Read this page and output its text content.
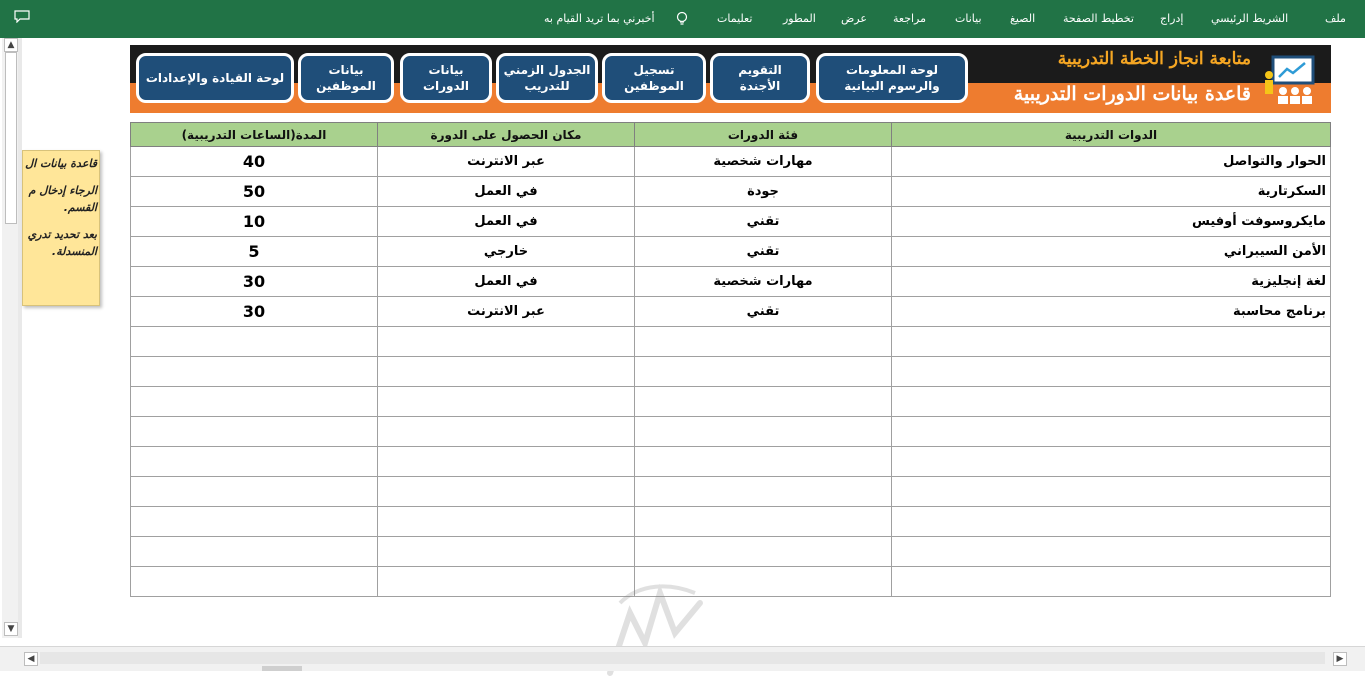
أخبرني بما تريد القيام به	تعليمات	المطور عرض مراجعة	بيانات	الصيغ	تخطيط الصفحة إدراج	الشريط الرئيسي	ملف
▲
▼
متابعة انجاز الخطة التدريبية
قاعدة بيانات الدورات التدريبية
لوحة المعلومات
والرسوم البيانية
التقويم
الأجندة
تسجيل الموظفين
الجدول الزمني
للتدريب
بيانات
الدورات
بيانات
الموظفين
لوحة القيادة والإعدادات
الدوات التدريبية	فئة الدورات	مكان الحصول على الدورة	المدة(الساعات التدريبية)
الحوار والتواصل	مهارات شخصية	عبر الانترنت	40
السكرتارية	جودة	في العمل	50
مايكروسوفت أوفيس	تقني	في العمل	10
الأمن السيبراني	تقني	خارجي	5
لغة إنجليزية	مهارات شخصية	في العمل	30
برنامج محاسبة	تقني	عبر الانترنت	30

قاعدة بيانات ال

الرجاء إدخال م

القسم.

بعد تحديد تدري

المنسدلة.

◀	▶
